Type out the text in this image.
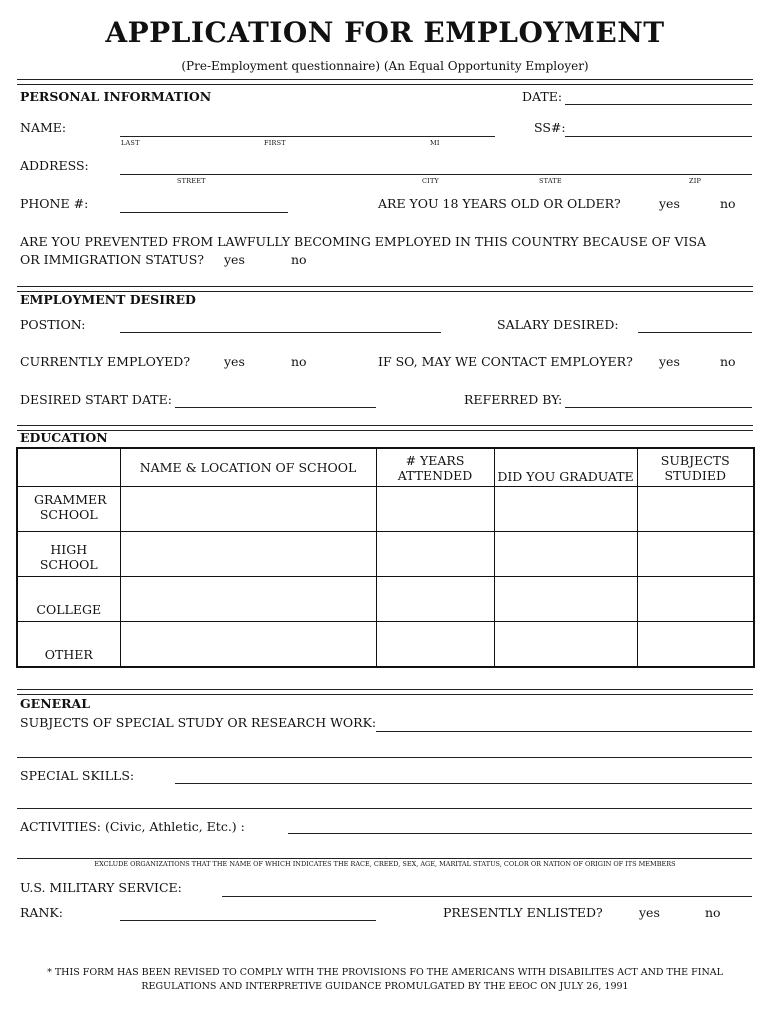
APPLICATION FOR EMPLOYMENT
(Pre-Employment questionnaire) (An Equal Opportunity Employer)
PERSONAL INFORMATION	DATE:
NAME:
LAST	FIRST	MI
SS#:
ADDRESS:
STREET	CITY	STATE	ZIP
PHONE #:	ARE YOU 18 YEARS OLD OR OLDER?	yes	no
ARE YOU PREVENTED FROM LAWFULLY BECOMING EMPLOYED IN THIS COUNTRY BECAUSE OF VISA
OR IMMIGRATION STATUS? yes	no
EMPLOYMENT DESIRED
POSTION:	SALARY DESIRED:
CURRENTLY EMPLOYED?	yes	no	IF SO, MAY WE CONTACT EMPLOYER? yes	no
DESIRED START DATE:	REFERRED BY:
EDUCATION
	NAME & LOCATION OF SCHOOL	# YEARS ATTENDED	DID YOU GRADUATE	SUBJECTS STUDIED
GRAMMER SCHOOL				
HIGH SCHOOL				
COLLEGE				
OTHER				
GENERAL
SUBJECTS OF SPECIAL STUDY OR RESEARCH WORK:
SPECIAL SKILLS:
ACTIVITIES: (Civic, Athletic, Etc.) :
EXCLUDE ORGANIZATIONS THAT THE NAME OF WHICH INDICATES THE RACE, CREED, SEX, AGE, MARITAL STATUS, COLOR OR NATION OF ORIGIN OF ITS MEMBERS
U.S. MILITARY SERVICE:
RANK:	PRESENTLY ENLISTED?	yes	no
* THIS FORM HAS BEEN REVISED TO COMPLY WITH THE PROVISIONS FO THE AMERICANS WITH DISABILITES ACT AND THE FINAL
REGULATIONS AND INTERPRETIVE GUIDANCE PROMULGATED BY THE EEOC ON JULY 26, 1991
